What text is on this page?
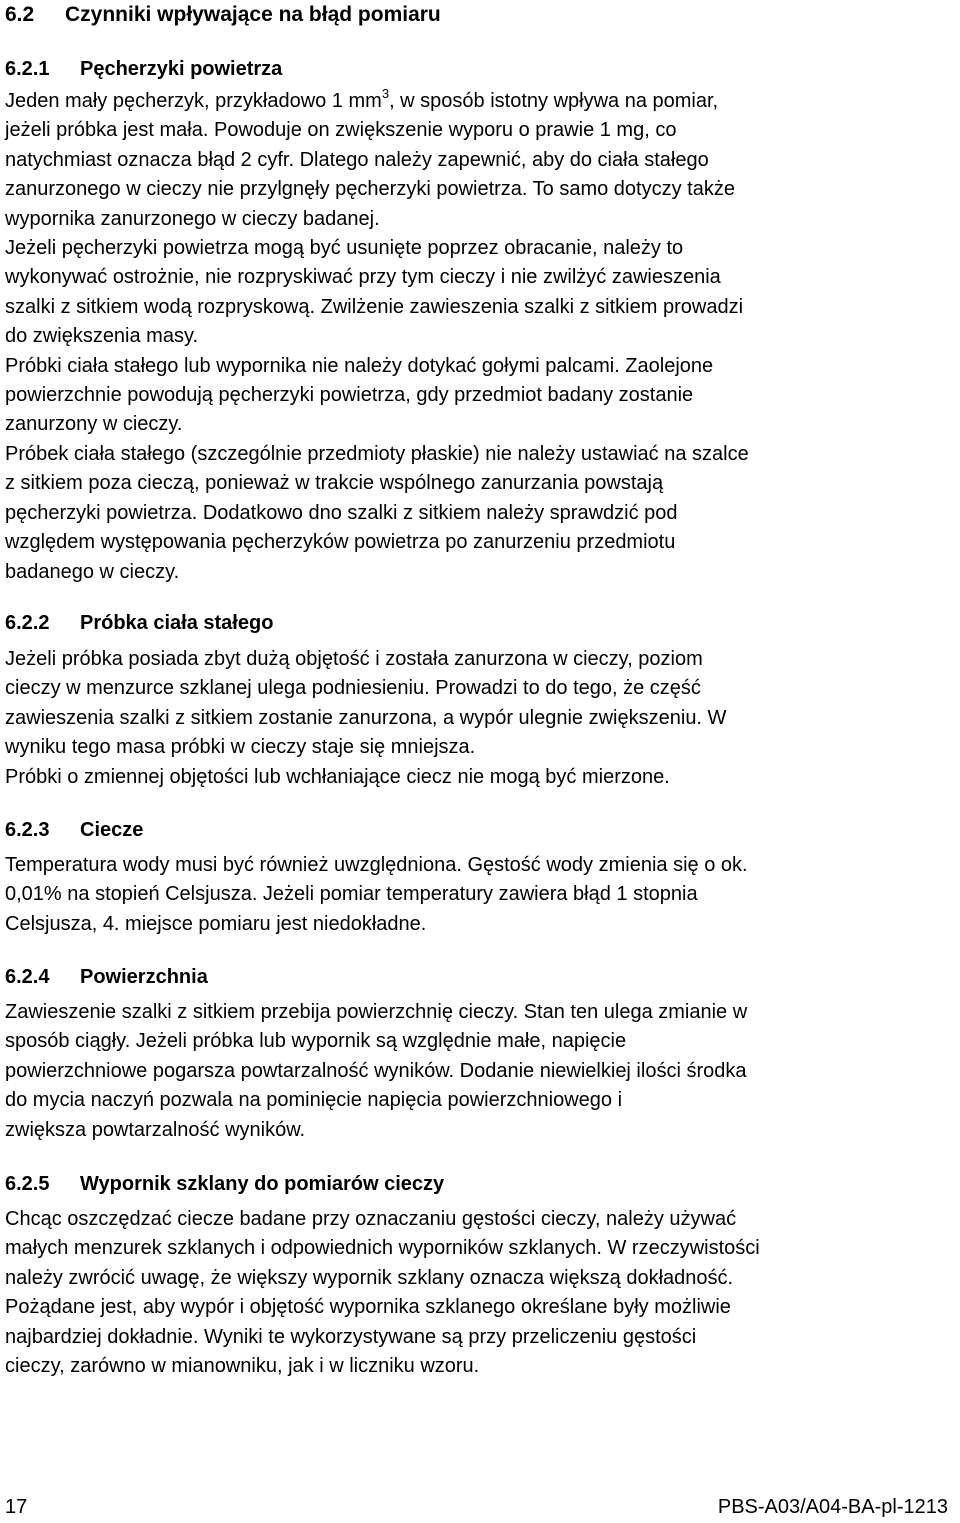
6.2 Czynniki wpływające na błąd pomiaru
6.2.1 Pęcherzyki powietrza

Jeden mały pęcherzyk, przykładowo 1 $mm^3$, w sposób istotny wpływa na pomiar,

jeżeli próbka jest mała. Powoduje on zwiększenie wyporu o prawie 1 mg, co

natychmiast oznacza błąd 2 cyfr. Dlatego należy zapewnić, aby do ciała stałego

zanurzonego w cieczy nie przylgnęły pęcherzyki powietrza. To samo dotyczy także

wypornika zanurzonego w cieczy badanej.

Jeżeli pęcherzyki powietrza mogą być usunięte poprzez obracanie, należy to

wykonywać ostrożnie, nie rozpryskiwać przy tym cieczy i nie zwilżyć zawieszenia

szalki z sitkiem wodą rozpryskową. Zwilżenie zawieszenia szalki z sitkiem prowadzi

do zwiększenia masy.

Próbki ciała stałego lub wypornika nie należy dotykać gołymi palcami. Zaolejone

powierzchnie powodują pęcherzyki powietrza, gdy przedmiot badany zostanie

zanurzony w cieczy.

Próbek ciała stałego (szczególnie przedmioty płaskie) nie należy ustawiać na szalce

z sitkiem poza cieczą, ponieważ w trakcie wspólnego zanurzania powstają

pęcherzyki powietrza. Dodatkowo dno szalki z sitkiem należy sprawdzić pod

względem występowania pęcherzyków powietrza po zanurzeniu przedmiotu

badanego w cieczy.

6.2.2 Próbka ciała stałego

Jeżeli próbka posiada zbyt dużą objętość i została zanurzona w cieczy, poziom

cieczy w menzurce szklanej ulega podniesieniu. Prowadzi to do tego, że część

zawieszenia szalki z sitkiem zostanie zanurzona, a wypór ulegnie zwiększeniu. W

wyniku tego masa próbki w cieczy staje się mniejsza.

Próbki o zmiennej objętości lub wchłaniające ciecz nie mogą być mierzone.

6.2.3 Ciecze

Temperatura wody musi być również uwzględniona. Gęstość wody zmienia się o ok.

0,01% na stopień Celsjusza. Jeżeli pomiar temperatury zawiera błąd 1 stopnia

Celsjusza, 4. miejsce pomiaru jest niedokładne.

6.2.4 Powierzchnia

Zawieszenie szalki z sitkiem przebija powierzchnię cieczy. Stan ten ulega zmianie w

sposób ciągły. Jeżeli próbka lub wypornik są względnie małe, napięcie

powierzchniowe pogarsza powtarzalność wyników. Dodanie niewielkiej ilości środka

do mycia naczyń pozwala na pominięcie napięcia powierzchniowego i

zwiększa powtarzalność wyników.

6.2.5 Wypornik szklany do pomiarów cieczy

Chcąc oszczędzać ciecze badane przy oznaczaniu gęstości cieczy, należy używać

małych menzurek szklanych i odpowiednich wyporników szklanych. W rzeczywistości

należy zwrócić uwagę, że większy wypornik szklany oznacza większą dokładność.

Pożądane jest, aby wypór i objętość wypornika szklanego określane były możliwie

najbardziej dokładnie. Wyniki te wykorzystywane są przy przeliczeniu gęstości

cieczy, zarówno w mianowniku, jak i w liczniku wzoru.

17	PBS-A03/A04-BA-pl-1213
